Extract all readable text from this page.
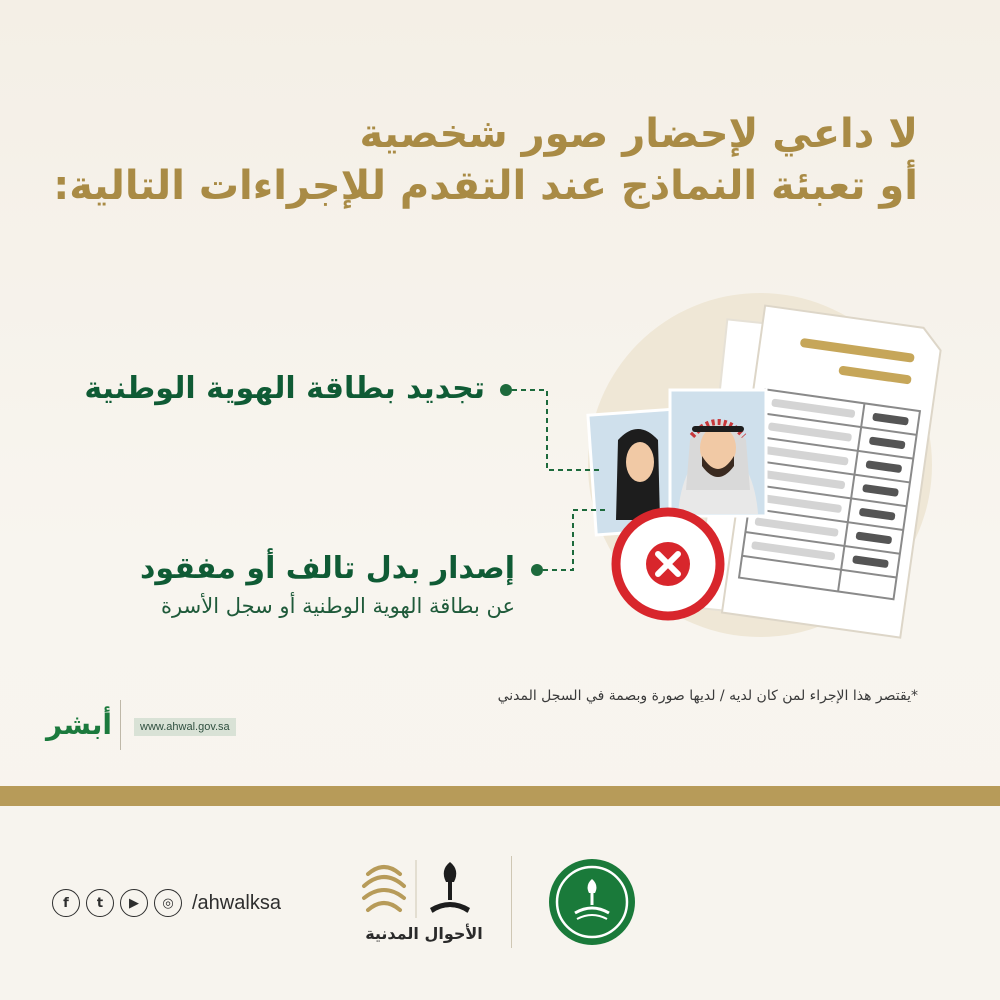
لا داعي لإحضار صور شخصية
أو تعبئة النماذج عند التقدم للإجراءات التالية:
تجديد بطاقة الهوية الوطنية
إصدار بدل تالف أو مفقود
عن بطاقة الهوية الوطنية أو سجل الأسرة
*يقتصر هذا الإجراء لمن كان لديه / لديها صورة وبصمة في السجل المدني
أبشر	www.ahwal.gov.sa
f	t	▶	◎ /ahwalksa
الأحوال المدنية
